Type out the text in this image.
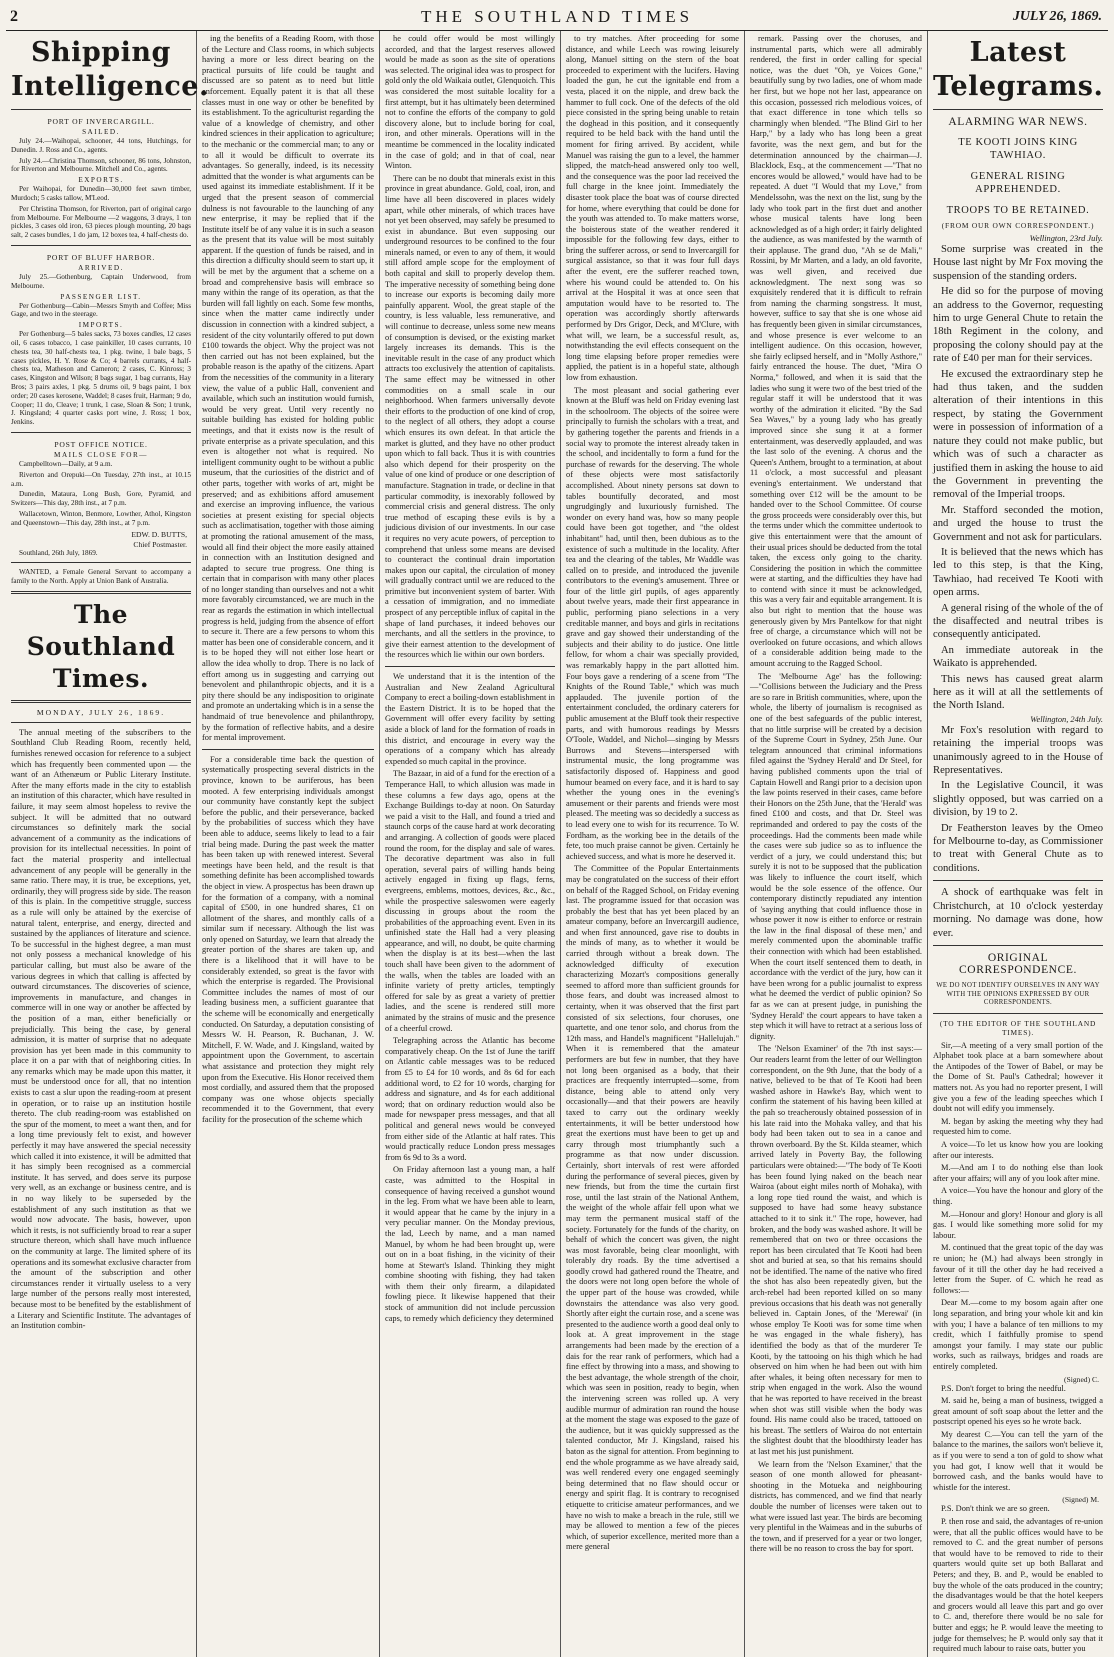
2	THE SOUTHLAND TIMES	JULY 26, 1869.
Shipping Intelligence.
PORT OF INVERCARGILL.
SAILED.

July 24.—Waihopai, schooner, 44 tons, Hutchings, for Dunedin. J. Ross and Co., agents.

July 24.—Christina Thomson, schooner, 86 tons, Johnston, for Riverton and Melbourne. Mitchell and Co., agents.

EXPORTS.

Per Waihopai, for Dunedin—30,000 feet sawn timber, Murdoch; 5 casks tallow, M'Leod.

Per Christina Thomson, for Riverton, part of original cargo from Melbourne. For Melbourne —2 waggons, 3 drays, 1 ton pickles, 3 cases old iron, 63 pieces plough mounting, 20 bags salt, 2 cases bundles, 1 do jam, 12 boxes tea, 4 half-chests do.

PORT OF BLUFF HARBOR.
ARRIVED.

July 25.—Gothenburg, Captain Underwood, from Melbourne.

PASSENGER LIST.

Per Gothenburg—Cabin—Messrs Smyth and Coffee; Miss Gage, and two in the steerage.

IMPORTS.

Per Gothenburg—5 bales sacks, 73 boxes candles, 12 cases oil, 6 cases tobacco, 1 case painkiller, 10 cases currants, 10 chests tea, 30 half-chests tea, 1 pkg. twine, 1 bale bags, 5 cases pickles, H. Y. Rose & Co; 4 barrels currants, 4 half-chests tea, Matheson and Cameron; 2 cases, C. Kinross; 3 cases, Kingston and Wilson; 8 bags sugar, 1 bag currants, Hay Bros; 3 pairs axles, 1 pkg. 5 drums oil, 9 bags paint, 1 box order; 20 cases kerosene, Waddel; 8 cases fruit, Harman; 9 do, Cooper; 11 do, Cleave; 1 trunk, 1 case, Sloan & Son; 1 trunk, J. Kingsland; 4 quarter casks port wine, J. Ross; 1 box, Jenkins.

POST OFFICE NOTICE.
MAILS CLOSE FOR—

Campbelltown—Daily, at 9 a.m.

Riverton and Orepuki—On Tuesday, 27th inst., at 10.15 a.m.

Dunedin, Mataura, Long Bush, Gore, Pyramid, and Switzers—This day, 28th inst., at 7 p.m.

Wallacetown, Winton, Benmore, Lowther, Athol, Kingston and Queenstown—This day, 28th inst., at 7 p.m.

EDW. D. BUTTS,
Chief Postmaster.

Southland, 26th July, 1869.

WANTED, a Female General Servant to accompany a family to the North. Apply at Union Bank of Australia.

The Southland Times.
MONDAY, JULY 26, 1869.

The annual meeting of the subscribers to the Southland Club Reading Room, recently held, furnishes renewed occasion for reference to a subject which has frequently been commented upon — the want of an Athenæum or Public Literary Institute. After the many efforts made in the city to establish an institution of this character, which have resulted in failure, it may seem almost hopeless to revive the subject. It will be admitted that no outward circumstances so definitely mark the social advancement of a community as the indications of provision for its intellectual necessities. In point of fact the material prosperity and intellectual advancement of any people will be generally in the same ratio. There may, it is true, be exceptions, yet, ordinarily, they will progress side by side. The reason of this is plain. In the competitive struggle, success as a rule will only be attained by the exercise of natural talent, enterprise, and energy, directed and sustained by the appliances of literature and science. To be successful in the highest degree, a man must not only possess a mechanical knowledge of his particular calling, but must also be aware of the various degrees in which that calling is affected by outward circumstances. The discoveries of science, improvements in manufacture, and changes in commerce will in one way or another be affected by the position of a man, either beneficially or prejudicially. This being the case, by general admission, it is matter of surprise that no adequate provision has yet been made in this community to place it on a par with that of neighboring cities. In any remarks which may be made upon this matter, it must be understood once for all, that no intention exists to cast a slur upon the reading-room at present in operation, or to raise up an institution hostile thereto. The club reading-room was established on the spur of the moment, to meet a want then, and for a long time previously felt to exist, and however perfectly it may have answered the special necessity which called it into existence, it will be admitted that it has simply been recognised as a commercial institute. It has served, and does serve its purpose very well, as an exchange or business centre, and is in no way likely to be superseded by the establishment of any such institution as that we would now advocate. The basis, however, upon which it rests, is not sufficiently broad to rear a super structure thereon, which shall have much influence on the community at large. The limited sphere of its operations and its somewhat exclusive character from the amount of the subscription and other circumstances render it virtually useless to a very large number of the persons really most interested, because most to be benefited by the establishment of a Literary and Scientific Institute. The advantages of an Institution combin-

ing the benefits of a Reading Room, with those of the Lecture and Class rooms, in which subjects having a more or less direct bearing on the practical pursuits of life could be taught and discussed are so patent as to need but little enforcement. Equally patent it is that all these classes must in one way or other be benefited by its establishment. To the agriculturist regarding the value of a knowledge of chemistry, and other kindred sciences in their application to agriculture; to the mechanic or the commercial man; to any or to all it would be difficult to overrate its advantages. So generally, indeed, is its necessity admitted that the wonder is what arguments can be used against its immediate establishment. If it be urged that the present season of commercial dulness is not favourable to the launching of any new enterprise, it may be replied that if the Institute itself be of any value it is in such a season as the present that its value will be most suitably apparent. If the question of funds be raised, and in this direction a difficulty should seem to start up, it will be met by the argument that a scheme on a broad and comprehensive basis will embrace so many within the range of its operation, as that the burden will fall lightly on each. Some few months, since when the matter came indirectly under discussion in connection with a kindred subject, a resident of the city voluntarily offered to put down £100 towards the object. Why the project was not then carried out has not been explained, but the probable reason is the apathy of the citizens. Apart from the necessities of the community in a literary view, the value of a public Hall, convenient and available, which such an institution would furnish, would be very great. Until very recently no suitable building has existed for holding public meetings, and that it exists now is the result of private enterprise as a private speculation, and this even is altogether not what is required. No intelligent community ought to be without a public museum, that the curiosities of the district and of other parts, together with works of art, might be preserved; and as exhibitions afford amusement and exercise an improving influence, the various societies at present existing for special objects such as acclimatisation, together with those aiming at promoting the rational amusement of the mass, would all find their object the more easily attained in connection with an Institution designed and adapted to secure true progress. One thing is certain that in comparison with many other places of no longer standing than ourselves and not a whit more favorably circumstanced, we are much in the rear as regards the estimation in which intellectual progress is held, judging from the absence of effort to secure it. There are a few persons to whom this matter has been one of considerable concern, and it is to be hoped they will not either lose heart or allow the idea wholly to drop. There is no lack of effort among us in suggesting and carrying out benevolent and philanthropic objects, and it is a pity there should be any indisposition to originate and promote an undertaking which is in a sense the handmaid of true benevolence and philanthropy, by the formation of reflective habits, and a desire for mental improvement.

For a considerable time back the question of systematically prospecting several districts in the province, known to be auriferous, has been mooted. A few enterprising individuals amongst our community have constantly kept the subject before the public, and their perseverance, backed by the probabilities of success which they have been able to adduce, seems likely to lead to a fair trial being made. During the past week the matter has been taken up with renewed interest. Several meetings have been held, and the result is that something definite has been accomplished towards the object in view. A prospectus has been drawn up for the formation of a company, with a nominal capital of £500, in one hundred shares, £1 on allotment of the shares, and monthly calls of a similar sum if necessary. Although the list was only opened on Saturday, we learn that already the greater portion of the shares are taken up, and there is a likelihood that it will have to be considerably extended, so great is the favor with which the enterprise is regarded. The Provisional Committee includes the names of most of our leading business men, a sufficient guarantee that the scheme will be economically and energetically conducted. On Saturday, a deputation consisting of Messrs W. H. Pearson, R. Buchanan, J. W. Mitchell, F. W. Wade, and J. Kingsland, waited by appointment upon the Government, to ascertain what assistance and protection they might rely upon from the Executive. His Honor received them most cordially, and assured them that the proposed company was one whose objects specially recommended it to the Government, that every facility for the prosecution of the scheme which

he could offer would be most willingly accorded, and that the largest reserves allowed would be made as soon as the site of operations was selected. The original idea was to prospect for gold only the old Waikaia outlet, Glenquoich. This was considered the most suitable locality for a first attempt, but it has ultimately been determined not to confine the efforts of the company to gold discovery alone, but to include boring for coal, iron, and other minerals. Operations will in the meantime be commenced in the locality indicated in the case of gold; and in that of coal, near Winton.

There can be no doubt that minerals exist in this province in great abundance. Gold, coal, iron, and lime have all been discovered in places widely apart, while other minerals, of which traces have not yet been observed, may safely be presumed to exist in abundance. But even supposing our underground resources to be confined to the four minerals named, or even to any of them, it would still afford ample scope for the employment of both capital and skill to properly develop them. The imperative necessity of something being done to increase our exports is becoming daily more painfully apparent. Wool, the great staple of the country, is less valuable, less remunerative, and will continue to decrease, unless some new means of consumption is devised, or the existing market largely increases its demands. This is the inevitable result in the case of any product which attracts too exclusively the attention of capitalists. The same effect may be witnessed in other commodities on a small scale in our neighborhood. When farmers universally devote their efforts to the production of one kind of crop, to the neglect of all others, they adopt a course which ensures its own defeat. In that article the market is glutted, and they have no other product upon which to fall back. Thus it is with countries also which depend for their prosperity on the value of one kind of produce or one description of manufacture. Stagnation in trade, or decline in that particular commodity, is inexorably followed by commercial crisis and general distress. The only true method of escaping these evils is by a judicious division of our investments. In our case it requires no very acute powers, of perception to comprehend that unless some means are devised to counteract the continual drain importation makes upon our capital, the circulation of money will gradually contract until we are reduced to the primitive but inconvenient system of barter. With a cessation of immigration, and no immediate prospect of any perceptible influx of capital in the shape of land purchases, it indeed behoves our merchants, and all the settlers in the province, to give their earnest attention to the development of the resources which lie within our own borders.

We understand that it is the intention of the Australian and New Zealand Agricultural Company to erect a boiling-down establishment in the Eastern District. It is to be hoped that the Government will offer every facility by setting aside a block of land for the formation of roads in this district, and encourage in every way the operations of a company which has already expended so much capital in the province.

The Bazaar, in aid of a fund for the erection of a Temperance Hall, to which allusion was made in these columns a few days ago, opens at the Exchange Buildings to-day at noon. On Saturday we paid a visit to the Hall, and found a tried and staunch corps of the cause hard at work decorating and arranging. A collection of goods were placed round the room, for the display and sale of wares. The decorative department was also in full operation, several pairs of willing hands being actively engaged in fixing up flags, ferns, evergreens, emblems, mottoes, devices, &c., &c., while the prospective saleswomen were eagerly discussing in groups about the room the probabilities of the approaching event. Even in its unfinished state the Hall had a very pleasing appearance, and will, no doubt, be quite charming when the display is at its best—when the last touch shall have been given to the adornment of the walls, when the tables are loaded with an infinite variety of pretty articles, temptingly offered for sale by as great a variety of prettier ladies, and the scene is rendered still more animated by the strains of music and the presence of a cheerful crowd.

Telegraphing across the Atlantic has become comparatively cheap. On the 1st of June the tariff on Atlantic cable messages was to be reduced from £5 to £4 for 10 words, and 8s 6d for each additional word, to £2 for 10 words, charging for address and signature, and 4s for each additional word; that on ordinary reduction would also be made for newspaper press messages, and that all political and general news would be conveyed from either side of the Atlantic at half rates. This would practically reduce London press messages from 6s 9d to 3s a word.

On Friday afternoon last a young man, a half caste, was admitted to the Hospital in consequence of having received a gunshot wound in the leg. From what we have been able to learn, it would appear that he came by the injury in a very peculiar manner. On the Monday previous, the lad, Leech by name, and a man named Manuel, by whom he had been brought up, were out on in a boat fishing, in the vicinity of their home at Stewart's Island. Thinking they might combine shooting with fishing, they had taken with them their only firearm, a dilapidated fowling piece. It likewise happened that their stock of ammunition did not include percussion caps, to remedy which deficiency they determined

to try matches. After proceeding for some distance, and while Leech was rowing leisurely along, Manuel sitting on the stern of the boat proceeded to experiment with the lucifers. Having loaded the gun, he cut the ignitable end from a vesta, placed it on the nipple, and drew back the hammer to full cock. One of the defects of the old piece consisted in the spring being unable to retain the doghead in this position, and it consequently required to be held back with the hand until the moment for firing arrived. By accident, while Manuel was raising the gun to a level, the hammer slipped, the match-head answered only too well, and the consequence was the poor lad received the full charge in the knee joint. Immediately the disaster took place the boat was of course directed for home, where everything that could be done for the youth was attended to. To make matters worse, the boisterous state of the weather rendered it impossible for the following few days, either to bring the sufferer across, or send to Invercargill for surgical assistance, so that it was four full days after the event, ere the sufferer reached town, where his wound could be attended to. On his arrival at the Hospital it was at once seen that amputation would have to be resorted to. The operation was accordingly shortly afterwards performed by Drs Grigor, Deck, and M'Clure, with what will, we learn, be a successful result, as, notwithstanding the evil effects consequent on the long time elapsing before proper remedies were applied, the patient is in a hopeful state, although low from exhaustion.

The most pleasant and social gathering ever known at the Bluff was held on Friday evening last in the schoolroom. The objects of the soiree were principally to furnish the scholars with a treat, and by gathering together the parents and friends in a social way to promote the interest already taken in the school, and incidentally to form a fund for the purchase of rewards for the deserving. The whole of these objects were most satisfactorily accomplished. About ninety persons sat down to tables bountifully decorated, and most ungrudgingly and luxuriously furnished. The wonder on every hand was, how so many people could have been got together, and "the oldest inhabitant" had, until then, been dubious as to the existence of such a multitude in the locality. After tea and the clearing of the tables, Mr Waddle was called on to preside, and introduced the juvenile contributors to the evening's amusement. Three or four of the little girl pupils, of ages apparently about twelve years, made their first appearance in public, performing piano selections in a very creditable manner, and boys and girls in recitations grave and gay showed their understanding of the subjects and their ability to do justice. One little fellow, for whom a chair was specially provided, was remarkably happy in the part allotted him. Four boys gave a rendering of a scene from "The Knights of the Round Table," which was much applauded. The juvenile portion of the entertainment concluded, the ordinary caterers for public amusement at the Bluff took their respective parts, and with humorous readings by Messrs O'Toole, Waddel, and Nichol—singing by Messrs Burrows and Stevens—interspersed with instrumental music, the long programme was satisfactorily disposed of. Happiness and good humour beamed on every face, and it is hard to say whether the young ones in the evening's amusement or their parents and friends were most pleased. The meeting was so decidedly a success as to lead every one to wish for its recurrence. To W. Fordham, as the working bee in the details of the fete, too much praise cannot be given. Certainly he achieved success, and what is more he deserved it.

The Committee of the Popular Entertainments may be congratulated on the success of their effort on behalf of the Ragged School, on Friday evening last. The programme issued for that occasion was probably the best that has yet been placed by an amateur company, before an Invercargill audience, and when first announced, gave rise to doubts in the minds of many, as to whether it would be carried through without a break down. The acknowledged difficulty of execution characterizing Mozart's compositions generally seemed to afford more than sufficient grounds for those fears, and doubt was increased almost to certainty, when it was observed that the first part consisted of six selections, four choruses, one quartette, and one tenor solo, and chorus from the 12th mass, and Handel's magnificent "Hallelujah." When it is remembered that the amateur performers are but few in number, that they have not long been organised as a body, that their practices are frequently interrupted—some, from distance, being able to attend only very occasionally—and that their powers are heavily taxed to carry out the ordinary weekly entertainments, it will be better understood how great the exertions must have been to get up and carry through most triumphantly such a programme as that now under discussion. Certainly, short intervals of rest were afforded during the performance of several pieces, given by new friends, but from the time the curtain first rose, until the last strain of the National Anthem, the weight of the whole affair fell upon what we may term the permanent musical staff of the society. Fortunately for the funds of the charity, on behalf of which the concert was given, the night was most favorable, being clear moonlight, with tolerably dry roads. By the time advertised a goodly crowd had gathered round the Theatre, and the doors were not long open before the whole of the upper part of the house was crowded, while downstairs the attendance was also very good. Shortly after eight the curtain rose, and a scene was presented to the audience worth a good deal only to look at. A great improvement in the stage arrangements had been made by the erection of a dais for the rear rank of performers, which had a fine effect by throwing into a mass, and showing to the best advantage, the whole strength of the choir, which was seen in position, ready to begin, when the intervening screen was rolled up. A very audible murmur of admiration ran round the house at the moment the stage was exposed to the gaze of the audience, but it was quickly suppressed as the talented conductor, Mr J. Kingsland, raised his baton as the signal for attention. From beginning to end the whole programme as we have already said, was well rendered every one engaged seemingly being determined that no flaw should occur or energy and spirit flag. It is contrary to recognised etiquette to criticise amateur performances, and we have no wish to make a breach in the rule, still we may be allowed to mention a few of the pieces which, of superior excellence, merited more than a mere general

remark. Passing over the choruses, and instrumental parts, which were all admirably rendered, the first in order calling for special notice, was the duet "Oh, ye Voices Gone," beautifully sung by two ladies, one of whom made her first, but we hope not her last, appearance on this occasion, possessed rich melodious voices, of that exact difference in tone which tells so charmingly when blended. "The Blind Girl to her Harp," by a lady who has long been a great favorite, was the next gem, and but for the determination announced by the chairman—J. Blacklock, Esq., at the commencement —"That no encores would be allowed," would have had to be repeated. A duet "I Would that my Love," from Mendelssohn, was the next on the list, sung by the lady who took part in the first duet and another whose musical talents have long been acknowledged as of a high order; it fairly delighted the audience, as was manifested by the warmth of their applause. The grand duo, "Ah se de Mali," Rossini, by Mr Marten, and a lady, an old favorite, was well given, and received due acknowledgment. The next song was so exquisitely rendered that it is difficult to refrain from naming the charming songstress. It must, however, suffice to say that she is one whose aid has frequently been given in similar circumstances, and whose presence is ever welcome to an intelligent audience. On this occasion, however, she fairly eclipsed herself, and in "Molly Asthore," fairly entranced the house. The duet, "Mira O Norma," followed, and when it is said that the ladies who sung it were two of the best tried of the regular staff it will be understood that it was worthy of the admiration it elicited. "By the Sad Sea Waves," by a young lady who has greatly improved since she sung it at a former entertainment, was deservedly applauded, and was the last solo of the evening. A chorus and the Queen's Anthem, brought to a termination, at about 11 o'clock, a most successful and pleasant evening's entertainment. We understand that something over £12 will be the amount to be handed over to the School Committee. Of course the gross proceeds were considerably over this, but the terms under which the committee undertook to give this entertainment were that the amount of their usual prices should be deducted from the total taken, the excess only going to the charity. Considering the position in which the committee were at starting, and the difficulties they have had to contend with since it must be acknowledged, this was a very fair and equitable arrangement. It is also but right to mention that the house was generously given by Mrs Pantelkow for that night free of charge, a circumstance which will not be overlooked on future occasions, and which allows of a considerable addition being made to the amount accruing to the Ragged School.

The 'Melbourne Age' has the following:—"Collisions between the Judiciary and the Press are so rare in British communities, where, upon the whole, the liberty of journalism is recognised as one of the best safeguards of the public interest, that no little surprise will be created by a decision of the Supreme Court in Sydney, 25th June. Our telegram announced that criminal informations filed against the 'Sydney Herald' and Dr Steel, for having published comments upon the trial of Captain Howell and Rangi prior to a decision upon the law points reserved in their cases, came before their Honors on the 25th June, that the 'Herald' was fined £100 and costs, and that Dr. Steel was reprimanded and ordered to pay the costs of the proceedings. Had the comments been made while the cases were sub judice so as to influence the verdict of a jury, we could understand this; but surely it is not to be supposed that the publication was likely to influence the court itself, which would be the sole essence of the offence. Our contemporary distinctly repudiated any intention of 'saying anything that could influence those in whose power it now is either to enforce or restrain the law in the final disposal of these men,' and merely commented upon the abominable traffic their connection with which had been established. When the court itself sentenced them to death, in accordance with the verdict of the jury, how can it have been wrong for a public journalist to express what he deemed the verdict of public opinion? So far as we can at present judge, in punishing the 'Sydney Herald' the court appears to have taken a step which it will have to retract at a serious loss of dignity.

The 'Nelson Examiner' of the 7th inst says:—Our readers learnt from the letter of our Wellington correspondent, on the 9th June, that the body of a native, believed to be that of Te Kooti had been washed ashore in Hawke's Bay, which went to confirm the statement of his having been killed at the pah so treacherously obtained possession of in his late raid into the Mohaka valley, and that his body had been taken out to sea in a canoe and thrown overboard. By the St. Kilda steamer, which arrived lately in Poverty Bay, the following particulars were obtained:—"The body of Te Kooti has been found lying naked on the beach near Wairoa (about eight miles north of Mohaka), with a long rope tied round the waist, and which is supposed to have had some heavy substance attached to it to sink it." The rope, however, had broken, and the body was washed ashore. It will be remembered that on two or three occasions the report has been circulated that Te Kooti had been shot and buried at sea, so that his remains should not be identified. The name of the native who fired the shot has also been repeatedly given, but the arch-rebel had been reported killed on so many previous occasions that his death was not generally believed in. Captain Jones, of the 'Merewai' (in whose employ Te Kooti was for some time when he was engaged in the whale fishery), has identified the body as that of the murderer Te Kooti, by the tattooing on his thigh which he had observed on him when he had been out with him after whales, it being often necessary for men to strip when engaged in the work. Also the wound that he was reported to have received in the breast when shot was still visible when the body was found. His name could also be traced, tattooed on his breast. The settlers of Wairoa do not entertain the slightest doubt that the bloodthirsty leader has at last met his just punishment.

We learn from the 'Nelson Examiner,' that the season of one month allowed for pheasant-shooting in the Motueka and neighbouring districts, has commenced, and we find that nearly double the number of licenses were taken out to what were issued last year. The birds are becoming very plentiful in the Waimeas and in the suburbs of the town, and if preserved for a year or two longer, there will be no reason to cross the bay for sport.

Latest Telegrams.
ALARMING WAR NEWS.
TE KOOTI JOINS KING TAWHIAO.
GENERAL RISING APPREHENDED.
TROOPS TO BE RETAINED.
(FROM OUR OWN CORRESPONDENT.)
Wellington, 23rd July.

Some surprise was created in the House last night by Mr Fox moving the suspension of the standing orders.

He did so for the purpose of moving an address to the Governor, requesting him to urge General Chute to retain the 18th Regiment in the colony, and proposing the colony should pay at the rate of £40 per man for their services.

He excused the extraordinary step he had thus taken, and the sudden alteration of their intentions in this respect, by stating the Government were in possession of information of a nature they could not make public, but which was of such a character as justified them in asking the house to aid the Government in preventing the removal of the Imperial troops.

Mr. Stafford seconded the motion, and urged the house to trust the Government and not ask for particulars.

It is believed that the news which has led to this step, is that the King, Tawhiao, had received Te Kooti with open arms.

A general rising of the whole of the of the disaffected and neutral tribes is consequently anticipated.

An immediate autoreak in the Waikato is apprehended.

This news has caused great alarm here as it will at all the settlements of the North Island.

Wellington, 24th July.

Mr Fox's resolution with regard to retaining the imperial troops was unanimously agreed to in the House of Representatives.

In the Legislative Council, it was slightly opposed, but was carried on a division, by 19 to 2.

Dr Featherston leaves by the Omeo for Melbourne to-day, as Commissioner to treat with General Chute as to conditions.

A shock of earthquake was felt in Christchurch, at 10 o'clock yesterday morning. No damage was done, how ever.

ORIGINAL CORRESPONDENCE.
WE DO NOT IDENTIFY OURSELVES IN ANY WAY WITH THE OPINIONS EXPRESSED BY OUR CORRESPONDENTS.
(TO THE EDITOR OF THE SOUTHLAND TIMES).

Sir,—A meeting of a very small portion of the Alphabet took place at a barn somewhere about the Antipodes of the Tower of Babel, or may be the Dome of St. Paul's Cathedral; however it matters not. As you had no reporter present, I will give you a few of the leading speeches which I doubt not will edify you immensely.

M. began by asking the meeting why they had requested him to come.

A voice—To let us know how you are looking after our interests.

M.—And am I to do nothing else than look after your affairs; will any of you look after mine.

A voice—You have the honour and glory of the thing.

M.—Honour and glory! Honour and glory is all gas. I would like something more solid for my labour.

M. continued that the great topic of the day was re union; he (M.) had always been strongly in favour of it till the other day he had received a letter from the Super. of C. which he read as follows:—

Dear M.—come to my bosom again after one long separation, and bring your whole kit and kin with you; I have a balance of ten millions to my credit, which I faithfully promise to spend amongst your family. I may state our public works, such as railways, bridges and roads are entirely completed.

(Signed) C.

P.S. Don't forget to bring the needful.

M. said he, being a man of business, twigged a great amount of soft soap about the letter and the postscript opened his eyes so he wrote back.

My dearest C.—You can tell the yarn of the balance to the marines, the sailors won't believe it, as if you were to send a ton of gold to show what you had got, I know well that it would be borrowed cash, and the banks would have to whistle for the interest.

(Signed) M.

P.S. Don't think we are so green.

P. then rose and said, the advantages of re-union were, that all the public offices would have to be removed to C. and the great number of persons that would have to be removed to ride to their quarters would quite set up both Ballarat and Peters; and they, B. and P., would be enabled to buy the whole of the oats produced in the country; the disadvantages would be that the hotel keepers and grocers would all leave this part and go over to C. and, therefore there would be no sale for butter and eggs; he P. would leave the meeting to judge for themselves; he P. would only say that it required much labour to raise oats, butter you
